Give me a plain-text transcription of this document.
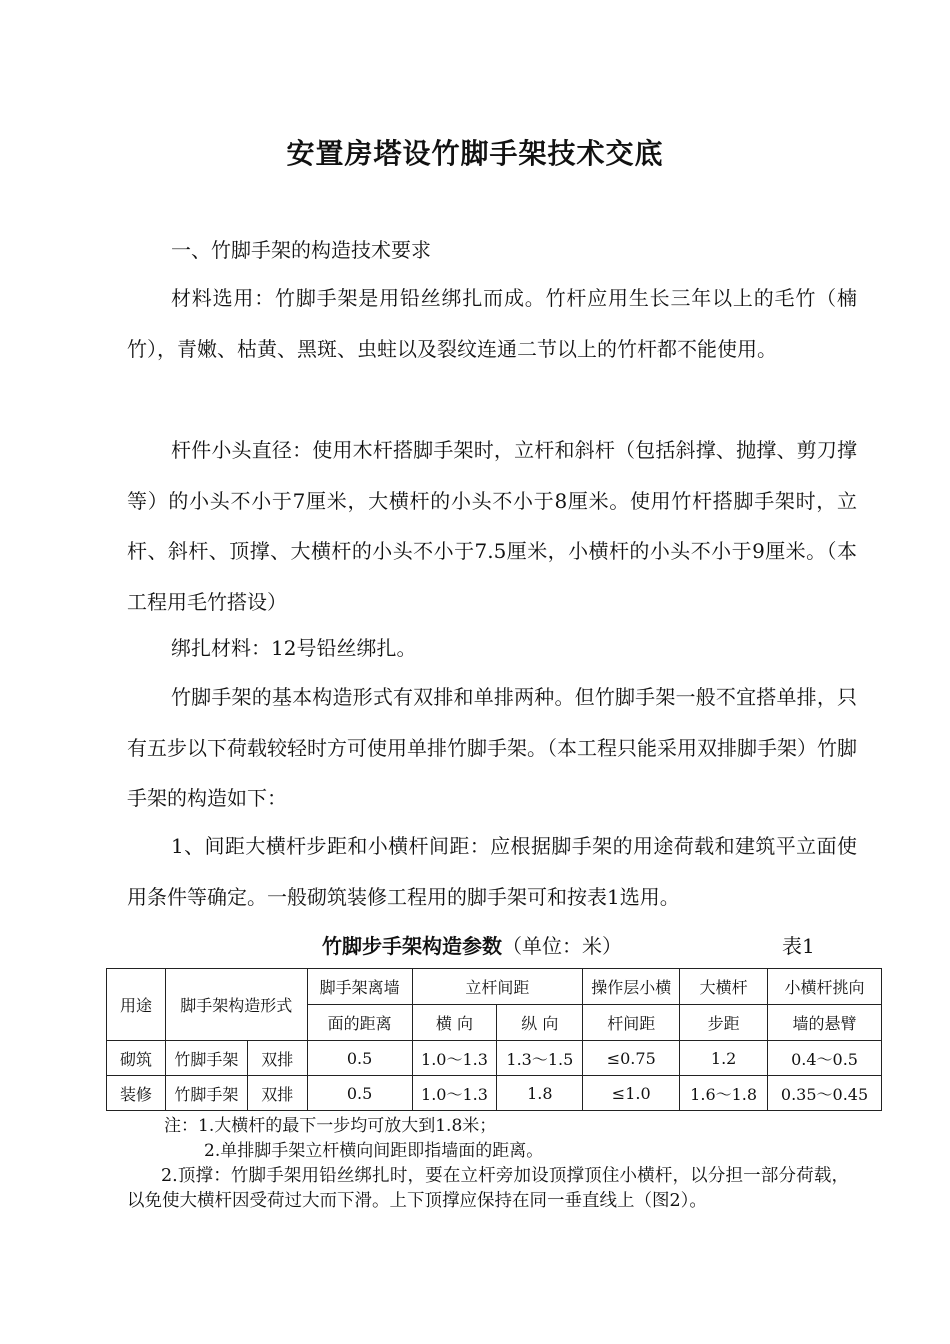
安置房塔设竹脚手架技术交底

一、竹脚手架的构造技术要求

材料选用：竹脚手架是用铅丝绑扎而成。竹杆应用生长三年以上的毛竹（楠竹），青嫩、枯黄、黑斑、虫蛀以及裂纹连通二节以上的竹杆都不能使用。

杆件小头直径：使用木杆搭脚手架时，立杆和斜杆（包括斜撑、抛撑、剪刀撑等）的小头不小于7厘米，大横杆的小头不小于8厘米。使用竹杆搭脚手架时，立杆、斜杆、顶撑、大横杆的小头不小于7.5厘米，小横杆的小头不小于9厘米。（本工程用毛竹搭设）

绑扎材料：12号铅丝绑扎。

竹脚手架的基本构造形式有双排和单排两种。但竹脚手架一般不宜搭单排，只有五步以下荷载较轻时方可使用单排竹脚手架。（本工程只能采用双排脚手架）竹脚手架的构造如下：

1、间距大横杆步距和小横杆间距：应根据脚手架的用途荷载和建筑平立面使用条件等确定。一般砌筑装修工程用的脚手架可和按表1选用。

竹脚步手架构造参数（单位：米）	表1
用途	脚手架构造形式		脚手架离墙	立杆间距		操作层小横	大横杆	小横杆挑向
			面的距离	横 向	纵 向	杆间距	步距	墙的悬臂
砌筑	竹脚手架	双排	0.5	1.0～1.3	1.3～1.5	≤0.75	1.2	0.4～0.5
装修	竹脚手架	双排	0.5	1.0～1.3	1.8	≤1.0	1.6～1.8	0.35～0.45
注：1.大横杆的最下一步均可放大到1.8米；
2.单排脚手架立杆横向间距即指墙面的距离。

2.顶撑：竹脚手架用铅丝绑扎时，要在立杆旁加设顶撑顶住小横杆，以分担一部分荷载，以免使大横杆因受荷过大而下滑。上下顶撑应保持在同一垂直线上（图2）。
